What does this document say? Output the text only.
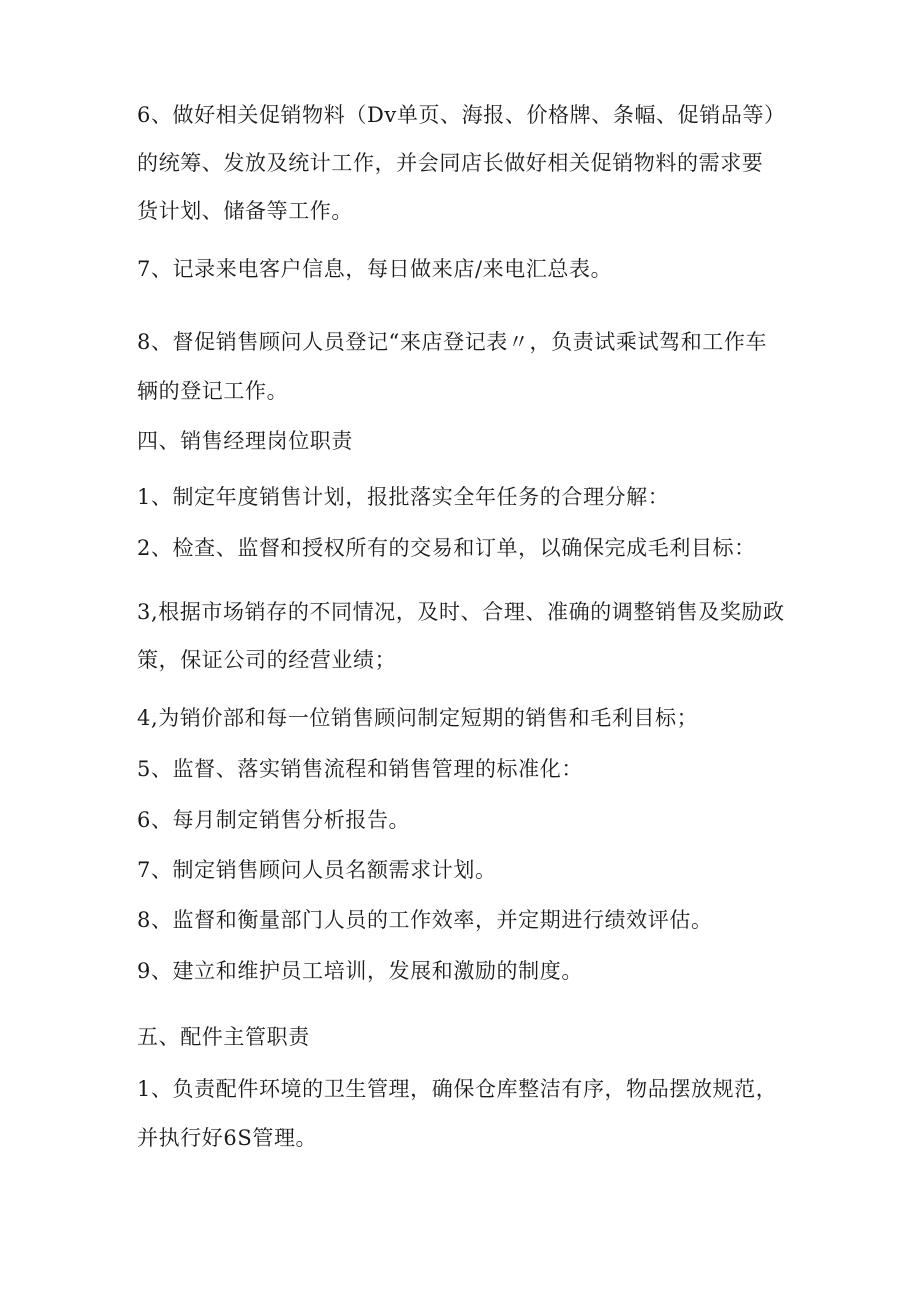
6、做好相关促销物料（Dv单页、海报、价格牌、条幅、促销品等）
的统筹、发放及统计工作，并会同店长做好相关促销物料的需求要
货计划、储备等工作。
7、记录来电客户信息，每日做来店/来电汇总表。
8、督促销售顾问人员登记“来店登记表〃，负责试乘试驾和工作车
辆的登记工作。
四、销售经理岗位职责
1、制定年度销售计划，报批落实全年任务的合理分解：
2、检查、监督和授权所有的交易和订单，以确保完成毛利目标：
3,根据市场销存的不同情况，及时、合理、准确的调整销售及奖励政
策，保证公司的经营业绩；
4,为销价部和每一位销售顾问制定短期的销售和毛利目标；
5、监督、落实销售流程和销售管理的标准化：
6、每月制定销售分析报告。
7、制定销售顾问人员名额需求计划。
8、监督和衡量部门人员的工作效率，并定期进行绩效评估。
9、建立和维护员工培训，发展和激励的制度。
五、配件主管职责
1、负责配件环境的卫生管理，确保仓库整洁有序，物品摆放规范，
并执行好6S管理。
